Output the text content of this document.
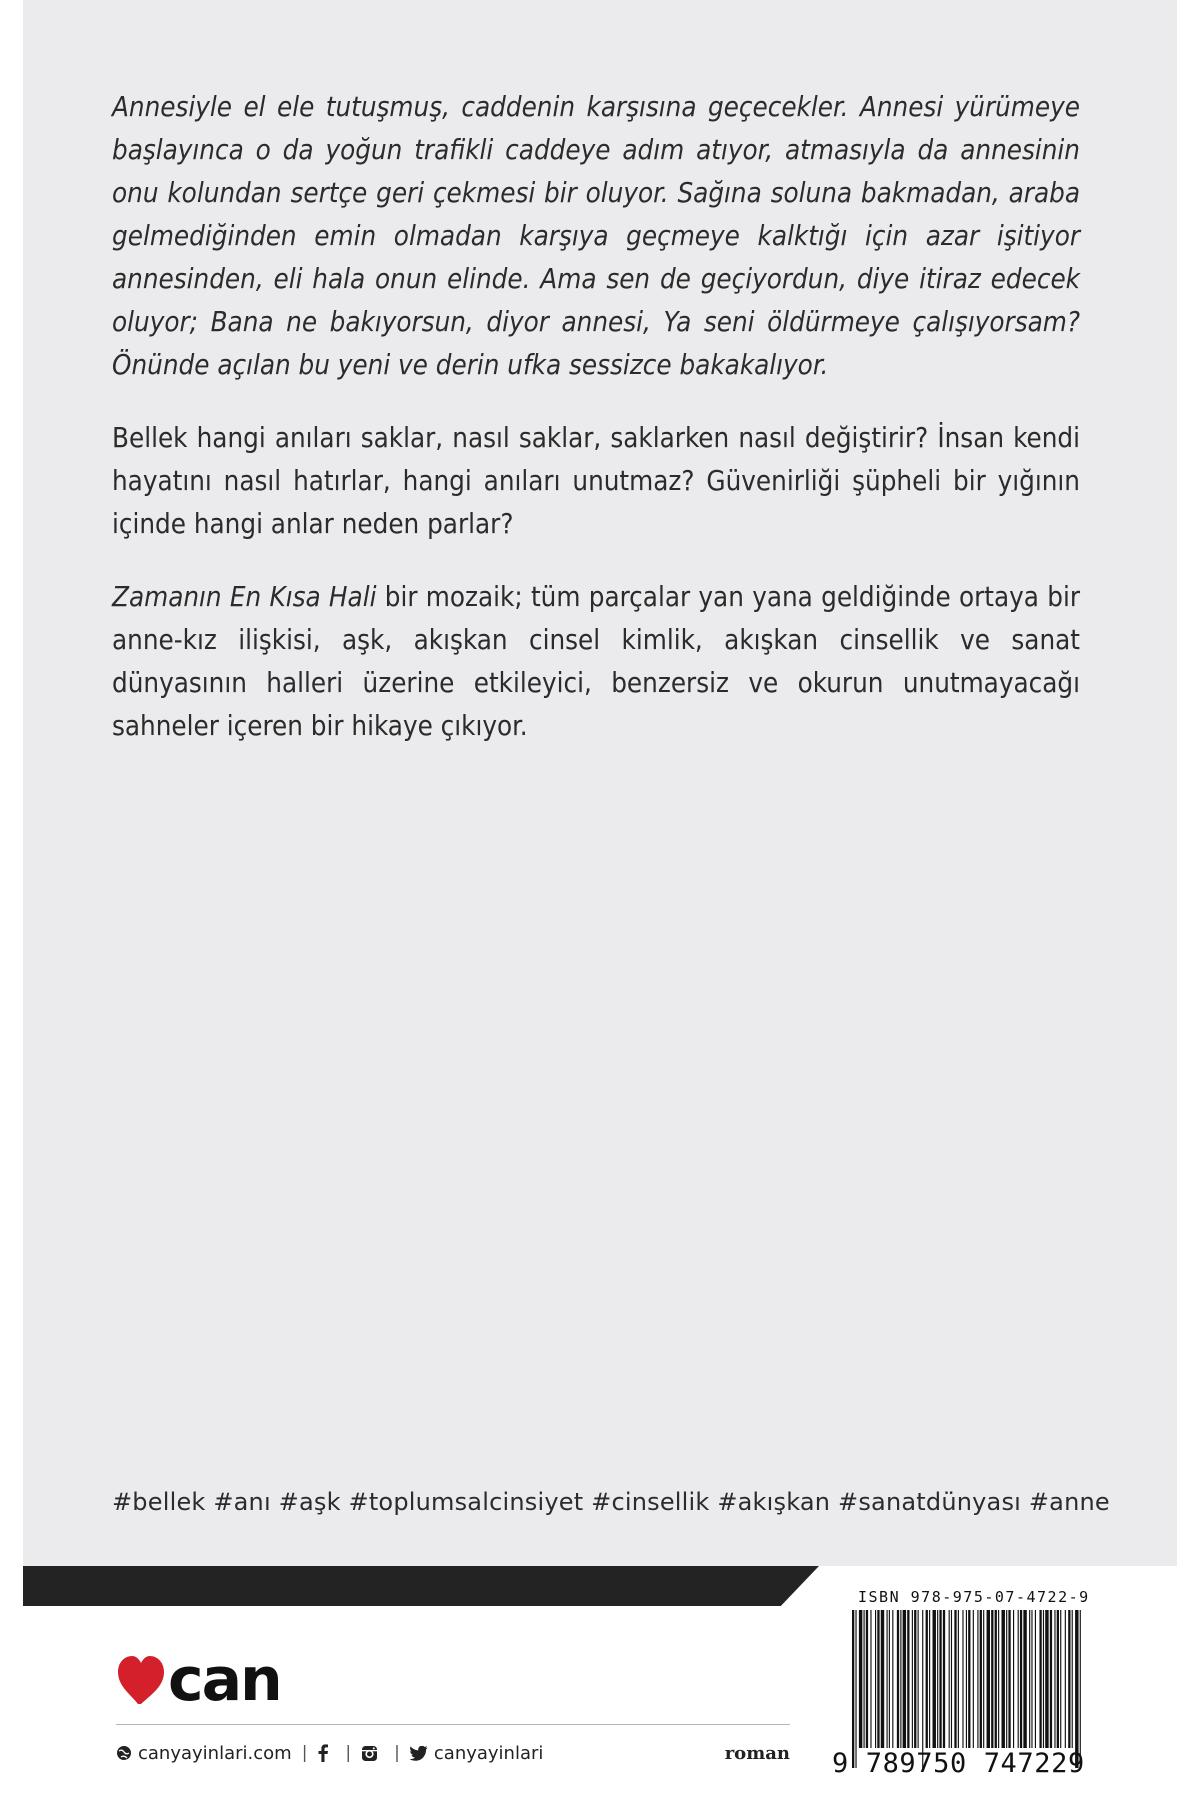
Annesiyle el ele tutuşmuş, caddenin karşısına geçecekler. Annesi yürümeye başlayınca o da yoğun trafikli caddeye adım atıyor, atmasıyla da annesinin onu kolundan sertçe geri çekmesi bir oluyor. Sağına soluna bakmadan, araba gelmediğinden emin olmadan karşıya geçmeye kalktığı için azar işitiyor annesinden, eli hala onun elinde. Ama sen de geçiyordun, diye itiraz edecek oluyor; Bana ne bakıyorsun, diyor annesi, Ya seni öldürmeye çalışıyorsam? Önünde açılan bu yeni ve derin ufka sessizce bakakalıyor.

Bellek hangi anıları saklar, nasıl saklar, saklarken nasıl değiştirir? İnsan kendi hayatını nasıl hatırlar, hangi anıları unutmaz? Güvenirliği şüpheli bir yığının içinde hangi anlar neden parlar?

Zamanın En Kısa Hali bir mozaik; tüm parçalar yan yana geldiğinde ortaya bir anne-kız ilişkisi, aşk, akışkan cinsel kimlik, akışkan cinsellik ve sanat dünyasının halleri üzerine etkileyici, benzersiz ve okurun unutmayacağı sahneler içeren bir hikaye çıkıyor.

#bellek #anı #aşk #toplumsalcinsiyet #cinsellik #akışkan #sanatdünyası #anne
can
canyayinlari.com | |	| canyayinlari	roman
ISBN 978-975-07-4722-9
9 789750 747229
